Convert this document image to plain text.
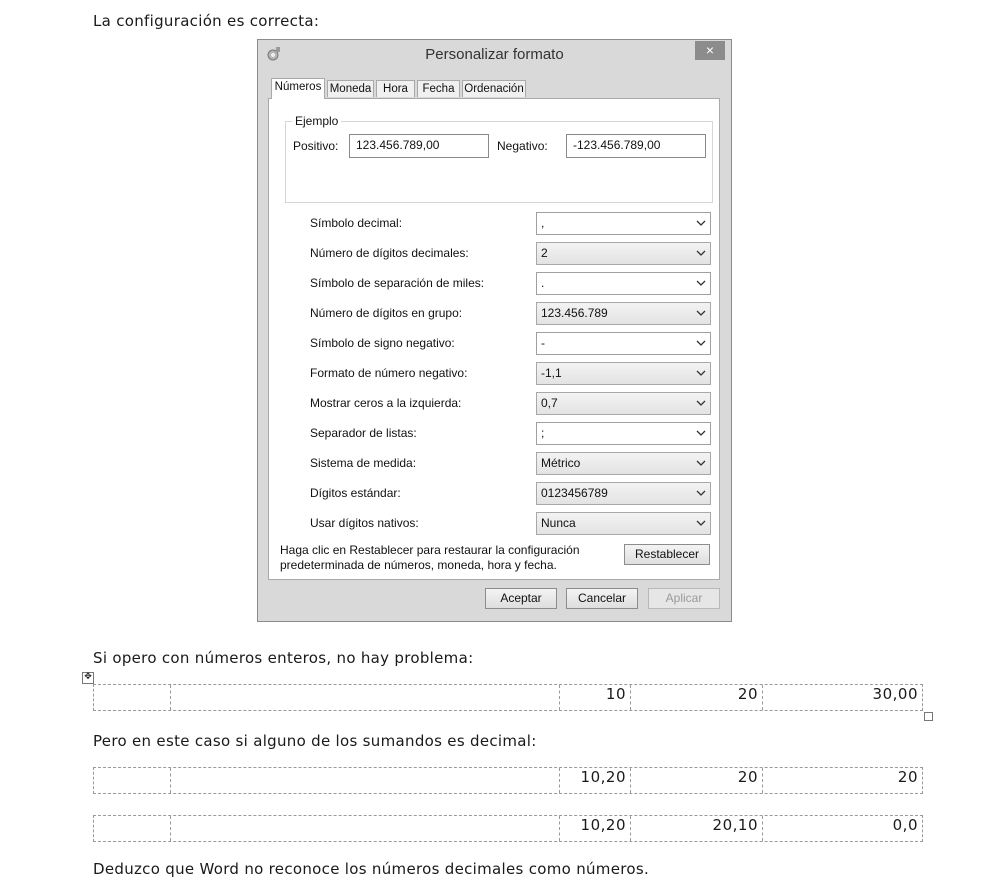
La configuración es correcta:
Personalizar formato	×
Números Moneda	Hora	Fecha Ordenación
Ejemplo
Positivo:	123.456.789,00	Negativo:	-123.456.789,00
Símbolo decimal:	,
Número de dígitos decimales:	2
Símbolo de separación de miles:	.
Número de dígitos en grupo:	123.456.789
Símbolo de signo negativo:	-
Formato de número negativo:	-1,1
Mostrar ceros a la izquierda:	0,7
Separador de listas:	;
Sistema de medida:	Métrico
Dígitos estándar:	0123456789
Usar dígitos nativos:	Nunca
Haga clic en Restablecer para restaurar la configuración
predeterminada de números, moneda, hora y fecha.
Restablecer
Aceptar	Cancelar	Aplicar
Si opero con números enteros, no hay problema:
✥
10	20	30,00
Pero en este caso si alguno de los sumandos es decimal:
10,20	20	20
10,20	20,10	0,0
Deduzco que Word no reconoce los números decimales como números.
